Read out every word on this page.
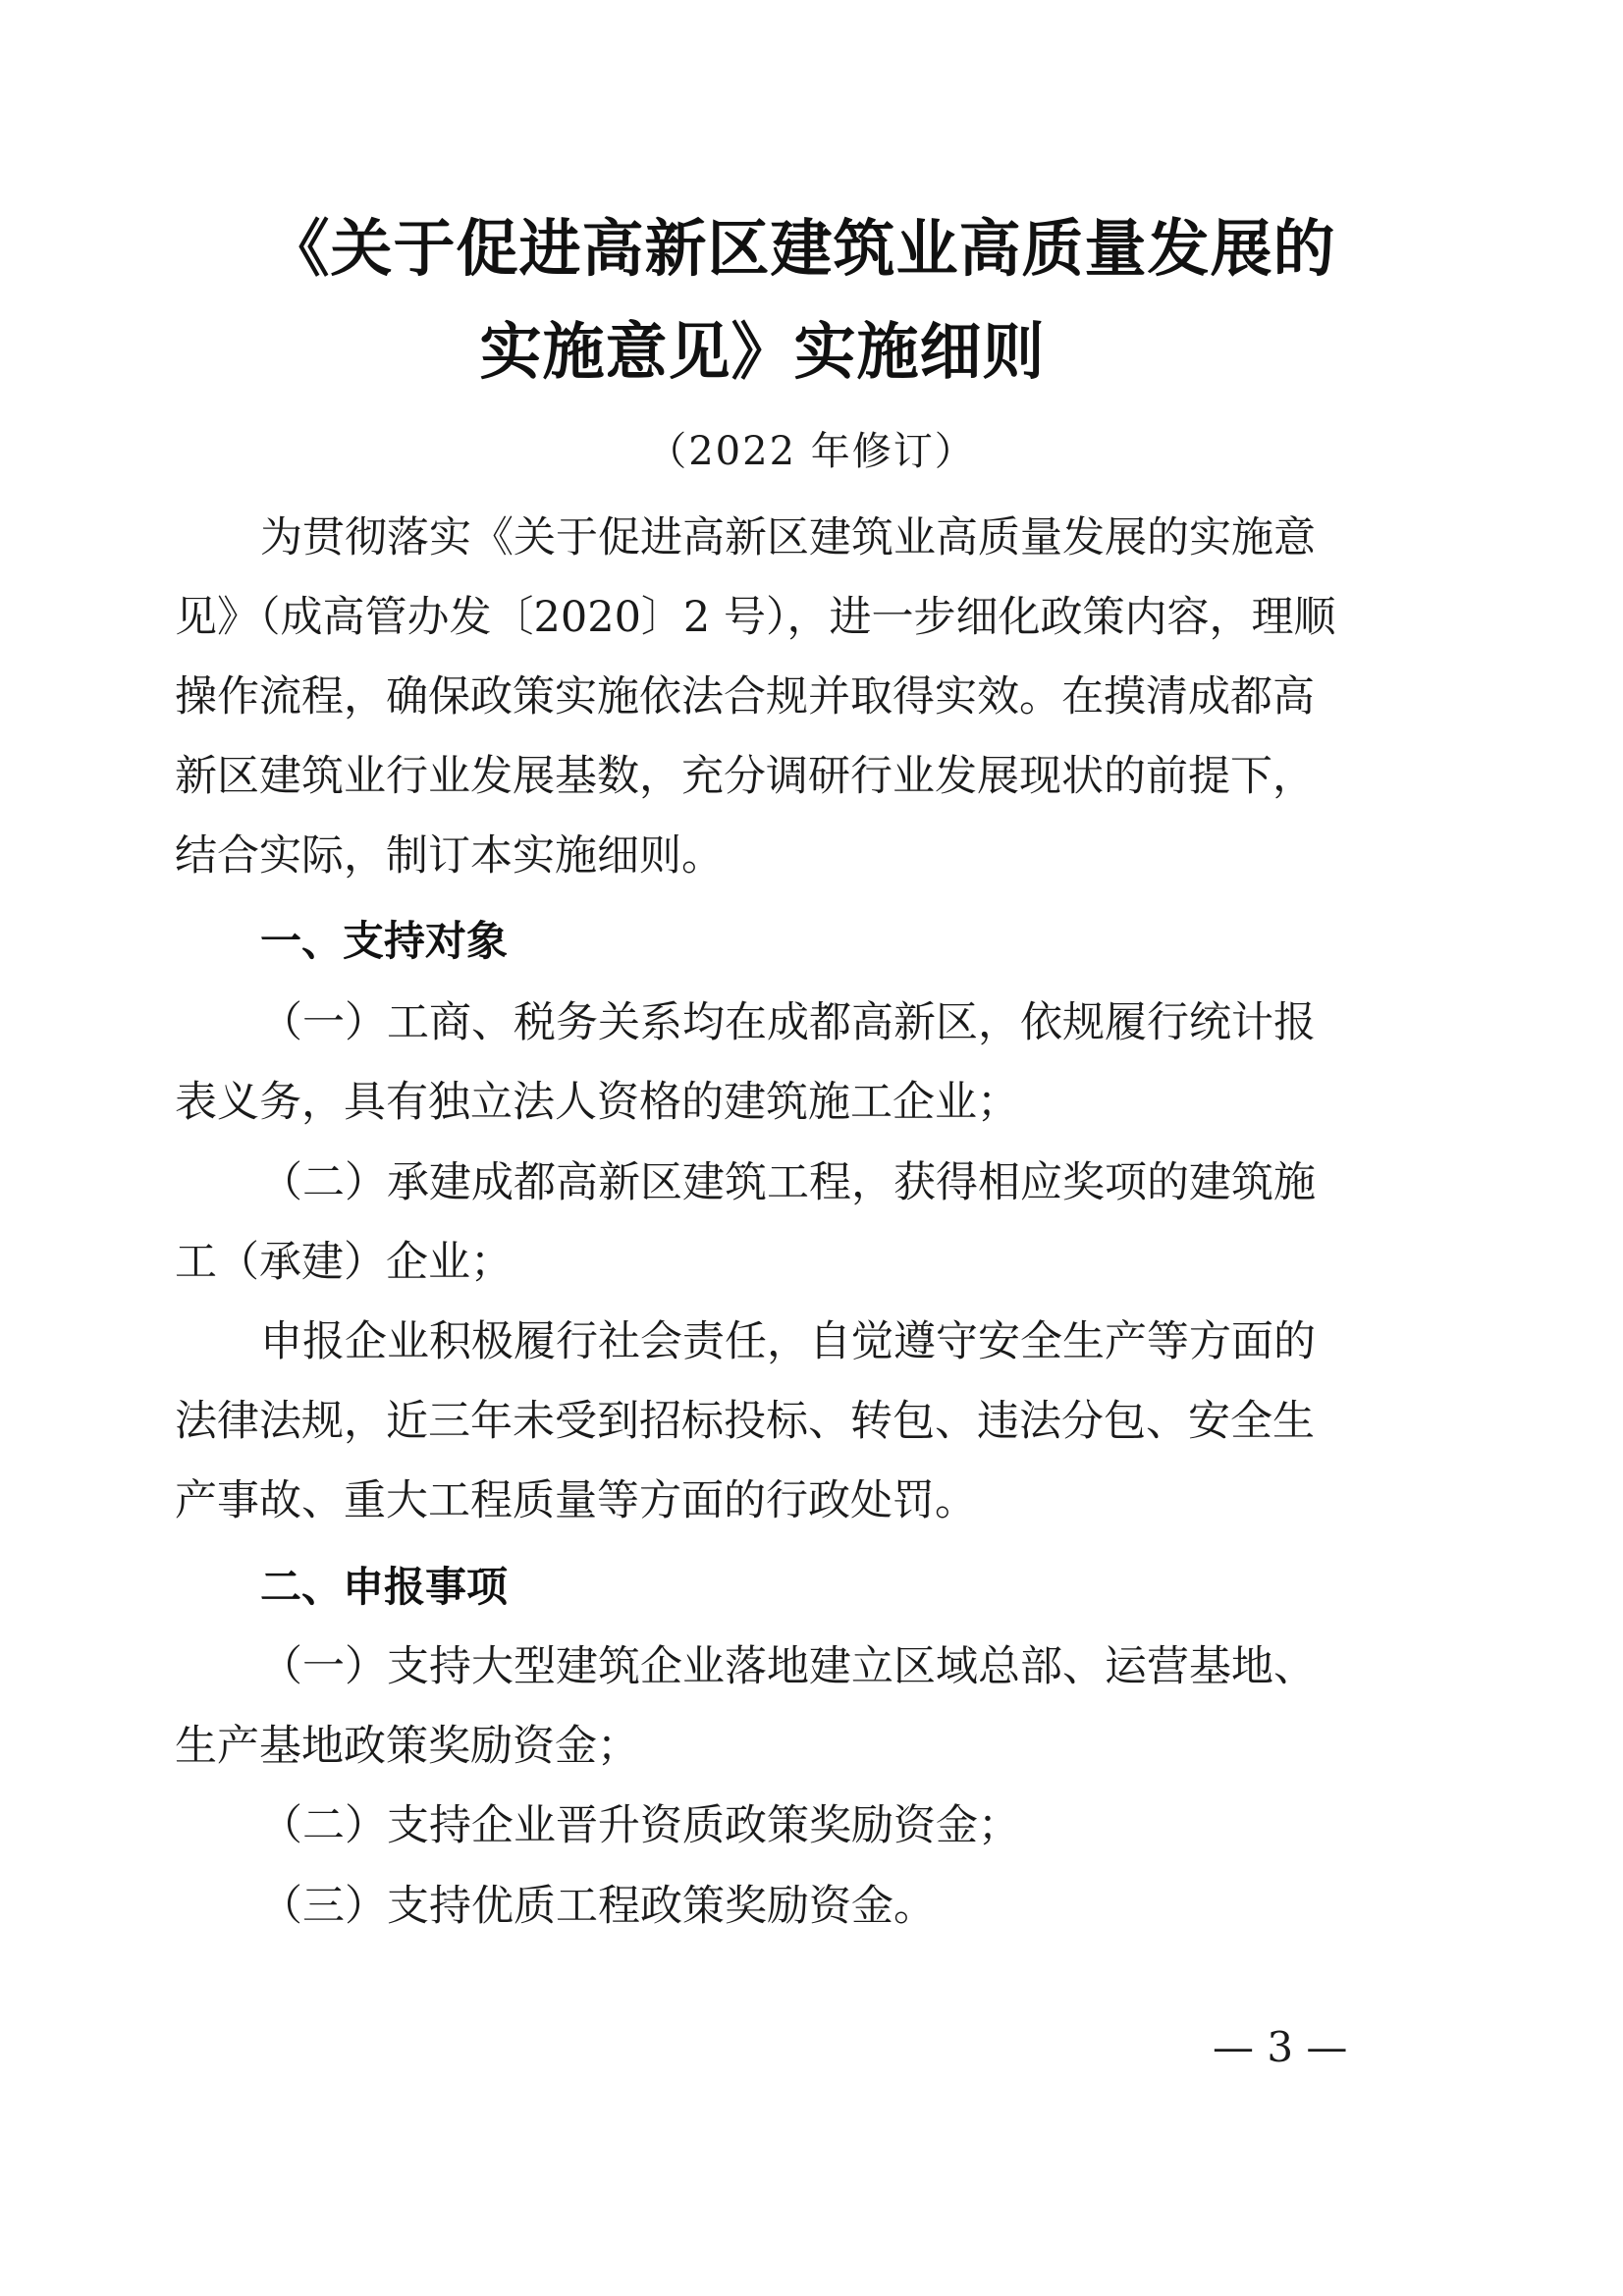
《关于促进高新区建筑业高质量发展的
实施意见》实施细则
（2022 年修订）
为贯彻落实《关于促进高新区建筑业高质量发展的实施意
见》（成高管办发〔2020〕2 号），进一步细化政策内容，理顺
操作流程，确保政策实施依法合规并取得实效。在摸清成都高
新区建筑业行业发展基数，充分调研行业发展现状的前提下，
结合实际，制订本实施细则。
一、支持对象
（一）工商、税务关系均在成都高新区，依规履行统计报
表义务，具有独立法人资格的建筑施工企业；
（二）承建成都高新区建筑工程，获得相应奖项的建筑施
工（承建）企业；
申报企业积极履行社会责任，自觉遵守安全生产等方面的
法律法规，近三年未受到招标投标、转包、违法分包、安全生
产事故、重大工程质量等方面的行政处罚。
二、申报事项
（一）支持大型建筑企业落地建立区域总部、运营基地、
生产基地政策奖励资金；
（二）支持企业晋升资质政策奖励资金；
（三）支持优质工程政策奖励资金。
— 3 —
